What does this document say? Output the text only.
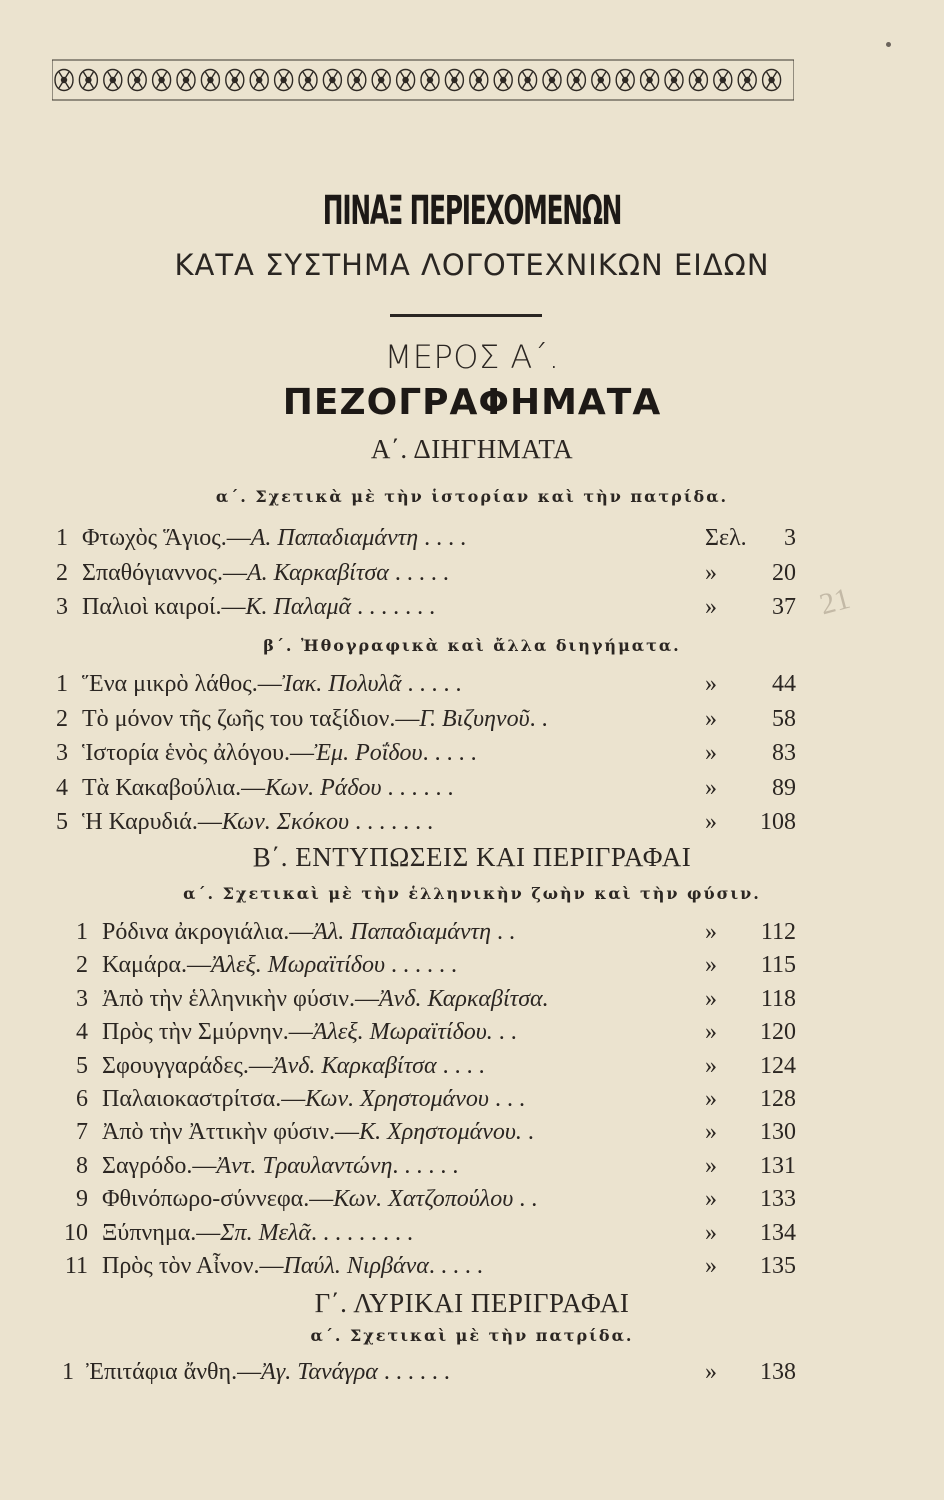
ΠΙΝΑΞ ΠΕΡΙΕΧΟΜΕΝΩΝ
ΚΑΤΑ ΣΥΣΤΗΜΑ ΛΟΓΟΤΕΧΝΙΚΩΝ ΕΙΔΩΝ
ΜΕΡΟΣ Α΄.
ΠΕΖΟΓΡΑΦΗΜΑΤΑ
Α΄. ΔΙΗΓΗΜΑΤΑ
α΄. Σχετικὰ μὲ τὴν ἱστορίαν καὶ τὴν πατρίδα.
1 Φτωχὸς Ἅγιος.—Α. Παπαδιαμάντη . . . .	Σελ. 3
2 Σπαθόγιαννος.—Α. Καρκαβίτσα . . . . .	» 20
3 Παλιοὶ καιροί.—Κ. Παλαμᾶ . . . . . . .	» 37
β΄. Ἠθογραφικὰ καὶ ἄλλα διηγήματα.
1 Ἕνα μικρὸ λάθος.—Ἰακ. Πολυλᾶ . . . . .	» 44
2 Τὸ μόνον τῆς ζωῆς του ταξίδιον.—Γ. Βιζυηνοῦ. .	» 58
3 Ἱστορία ἑνὸς ἀλόγου.—Ἐμ. Ροΐδου. . . . .	» 83
4 Τὰ Κακαβούλια.—Κων. Ράδου . . . . . .	» 89
5 Ἡ Καρυδιά.—Κων. Σκόκου . . . . . . .	» 108
Β΄. ΕΝΤΥΠΩΣΕΙΣ ΚΑΙ ΠΕΡΙΓΡΑΦΑΙ
α΄. Σχετικαὶ μὲ τὴν ἑλληνικὴν ζωὴν καὶ τὴν φύσιν.
1 Ρόδινα ἀκρογιάλια.—Ἀλ. Παπαδιαμάντη . .	» 112
2 Καμάρα.—Ἀλεξ. Μωραϊτίδου . . . . . .	» 115
3 Ἀπὸ τὴν ἑλληνικὴν φύσιν.—Ἀνδ. Καρκαβίτσα.	» 118
4 Πρὸς τὴν Σμύρνην.—Ἀλεξ. Μωραϊτίδου. . .	» 120
5 Σφουγγαράδες.—Ἀνδ. Καρκαβίτσα . . . .	» 124
6 Παλαιοκαστρίτσα.—Κων. Χρηστομάνου . . .	» 128
7 Ἀπὸ τὴν Ἀττικὴν φύσιν.—Κ. Χρηστομάνου. .	» 130
8 Σαγρόδο.—Ἀντ. Τραυλαντώνη. . . . . .	» 131
9 Φθινόπωρο-σύννεφα.—Κων. Χατζοπούλου . .	» 133
10 Ξύπνημα.—Σπ. Μελᾶ. . . . . . . . .	» 134
11 Πρὸς τὸν Αἶνον.—Παύλ. Νιρβάνα. . . . .	» 135
Γ΄. ΛΥΡΙΚΑΙ ΠΕΡΙΓΡΑΦΑΙ
α΄. Σχετικαὶ μὲ τὴν πατρίδα.
1 Ἐπιτάφια ἄνθη.—Ἀγ. Τανάγρα . . . . . .	» 138
21
